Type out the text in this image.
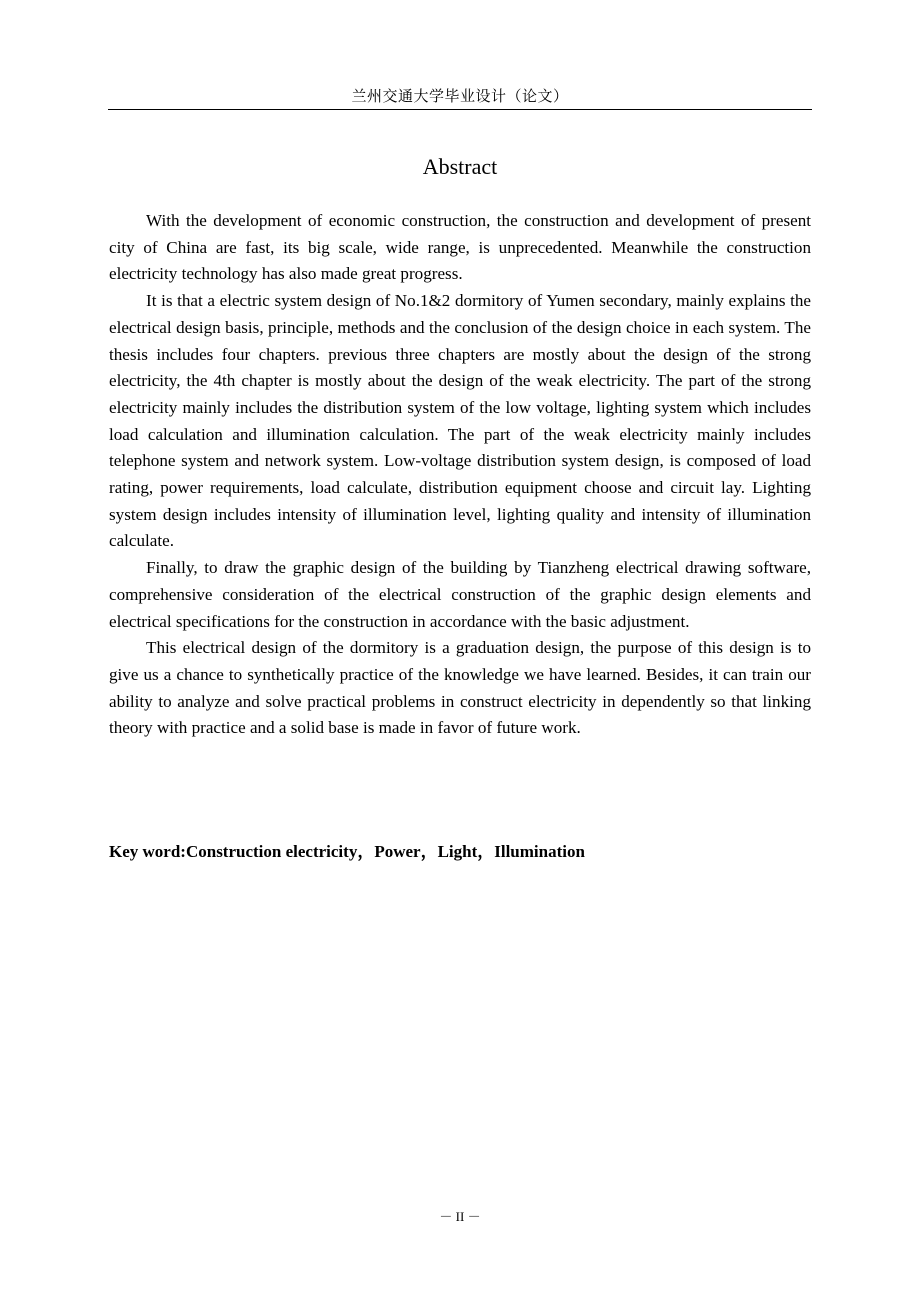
兰州交通大学毕业设计（论文）
Abstract

With the development of economic construction, the construction and development of present city of China are fast, its big scale, wide range, is unprecedented. Meanwhile the construction electricity technology has also made great progress.

It is that a electric system design of No.1&2 dormitory of Yumen secondary, mainly explains the electrical design basis, principle, methods and the conclusion of the design choice in each system. The thesis includes four chapters. previous three chapters are mostly about the design of the strong electricity, the 4th chapter is mostly about the design of the weak electricity. The part of the strong electricity mainly includes the distribution system of the low voltage, lighting system which includes load calculation and illumination calculation. The part of the weak electricity mainly includes telephone system and network system. Low-voltage distribution system design, is composed of load rating, power requirements, load calculate, distribution equipment choose and circuit lay. Lighting system design includes intensity of illumination level, lighting quality and intensity of illumination calculate.

Finally, to draw the graphic design of the building by Tianzheng electrical drawing software, comprehensive consideration of the electrical construction of the graphic design elements and electrical specifications for the construction in accordance with the basic adjustment.

This electrical design of the dormitory is a graduation design, the purpose of this design is to give us a chance to synthetically practice of the knowledge we have learned. Besides, it can train our ability to analyze and solve practical problems in construct electricity in dependently so that linking theory with practice and a solid base is made in favor of future work.

Key word:Construction electricity，Power，Light，Illumination
－ II －
